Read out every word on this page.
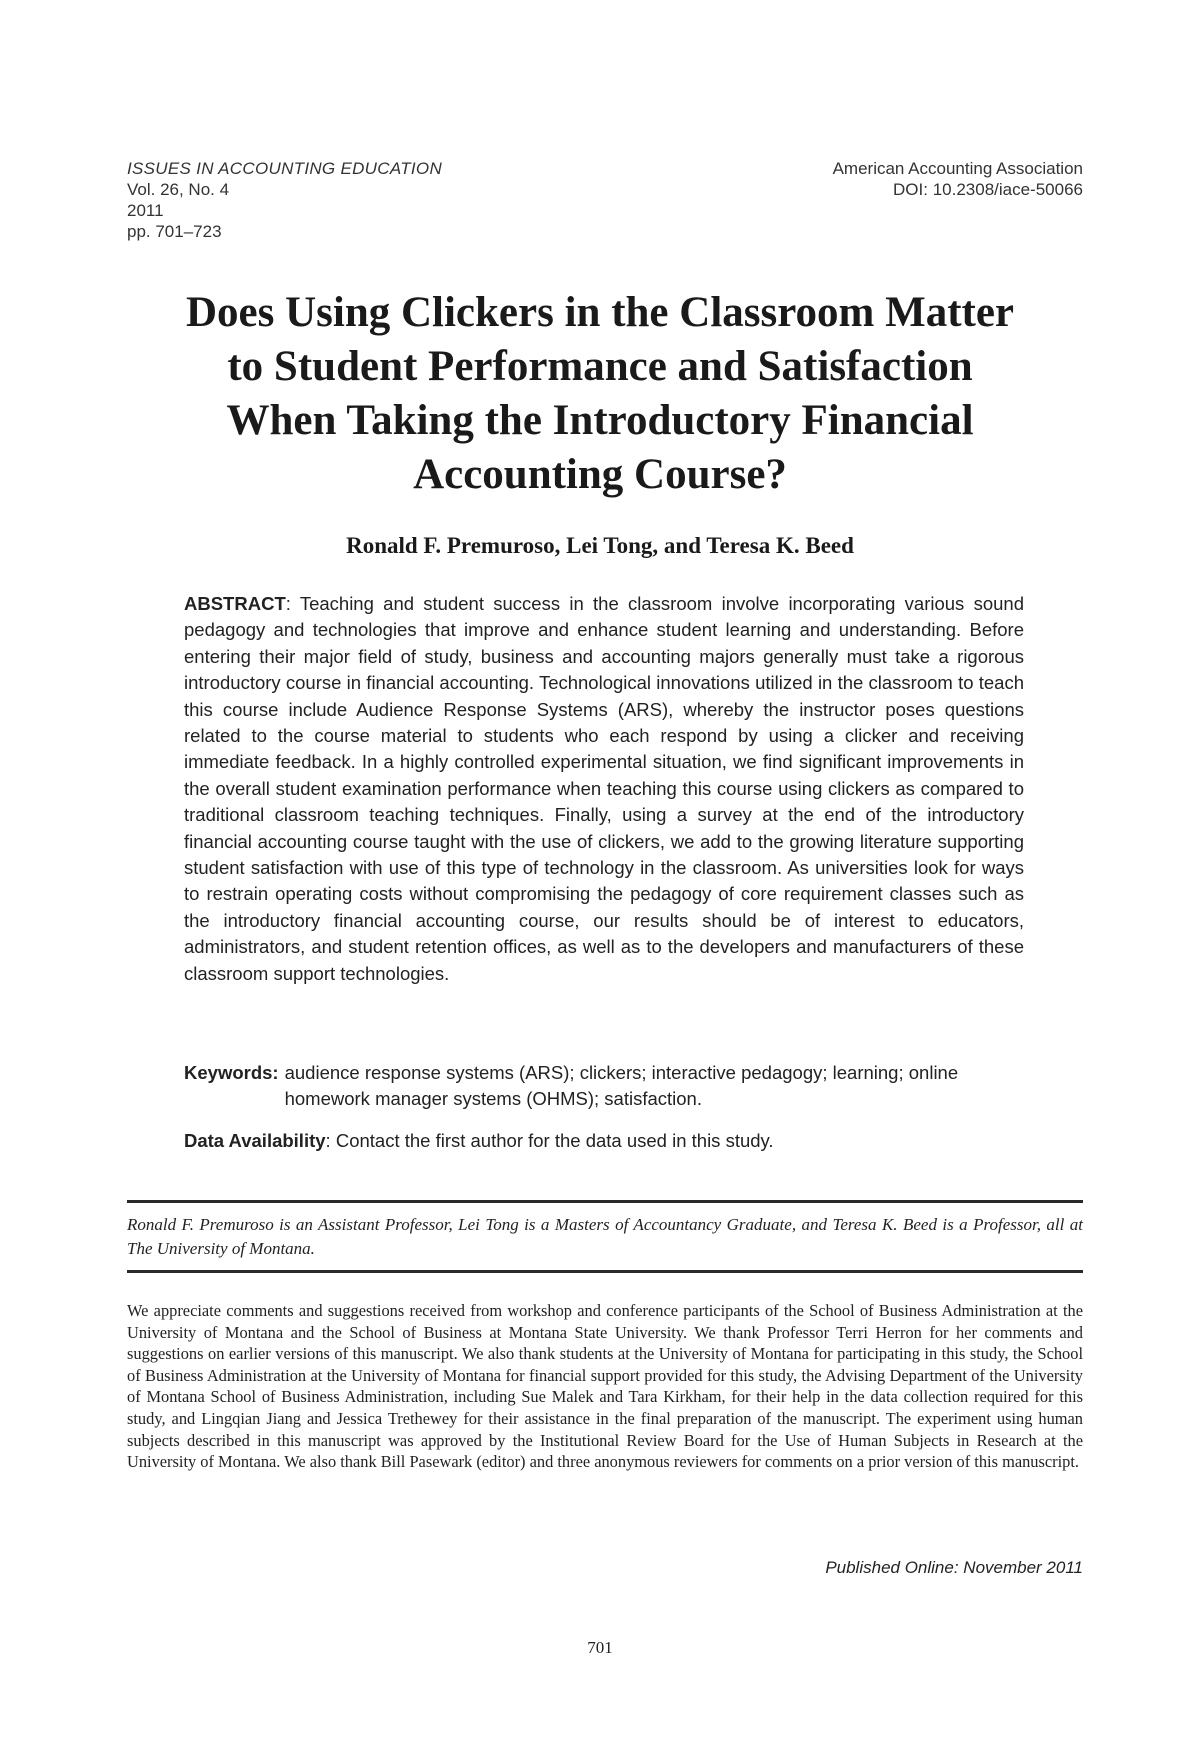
ISSUES IN ACCOUNTING EDUCATION
Vol. 26, No. 4
2011
pp. 701–723
American Accounting Association
DOI: 10.2308/iace-50066
Does Using Clickers in the Classroom Matter
to Student Performance and Satisfaction
When Taking the Introductory Financial
Accounting Course?
Ronald F. Premuroso, Lei Tong, and Teresa K. Beed
ABSTRACT: Teaching and student success in the classroom involve incorporating various sound pedagogy and technologies that improve and enhance student learning and understanding. Before entering their major field of study, business and accounting majors generally must take a rigorous introductory course in financial accounting. Technological innovations utilized in the classroom to teach this course include Audience Response Systems (ARS), whereby the instructor poses questions related to the course material to students who each respond by using a clicker and receiving immediate feedback. In a highly controlled experimental situation, we find significant improvements in the overall student examination performance when teaching this course using clickers as compared to traditional classroom teaching techniques. Finally, using a survey at the end of the introductory financial accounting course taught with the use of clickers, we add to the growing literature supporting student satisfaction with use of this type of technology in the classroom. As universities look for ways to restrain operating costs without compromising the pedagogy of core requirement classes such as the introductory financial accounting course, our results should be of interest to educators, administrators, and student retention offices, as well as to the developers and manufacturers of these classroom support technologies.
Keywords: audience response systems (ARS); clickers; interactive pedagogy; learning; online homework manager systems (OHMS); satisfaction.
Data Availability: Contact the first author for the data used in this study.
Ronald F. Premuroso is an Assistant Professor, Lei Tong is a Masters of Accountancy Graduate, and Teresa K. Beed is a Professor, all at The University of Montana.
We appreciate comments and suggestions received from workshop and conference participants of the School of Business Administration at the University of Montana and the School of Business at Montana State University. We thank Professor Terri Herron for her comments and suggestions on earlier versions of this manuscript. We also thank students at the University of Montana for participating in this study, the School of Business Administration at the University of Montana for financial support provided for this study, the Advising Department of the University of Montana School of Business Administration, including Sue Malek and Tara Kirkham, for their help in the data collection required for this study, and Lingqian Jiang and Jessica Trethewey for their assistance in the final preparation of the manuscript. The experiment using human subjects described in this manuscript was approved by the Institutional Review Board for the Use of Human Subjects in Research at the University of Montana. We also thank Bill Pasewark (editor) and three anonymous reviewers for comments on a prior version of this manuscript.
Published Online: November 2011
701
